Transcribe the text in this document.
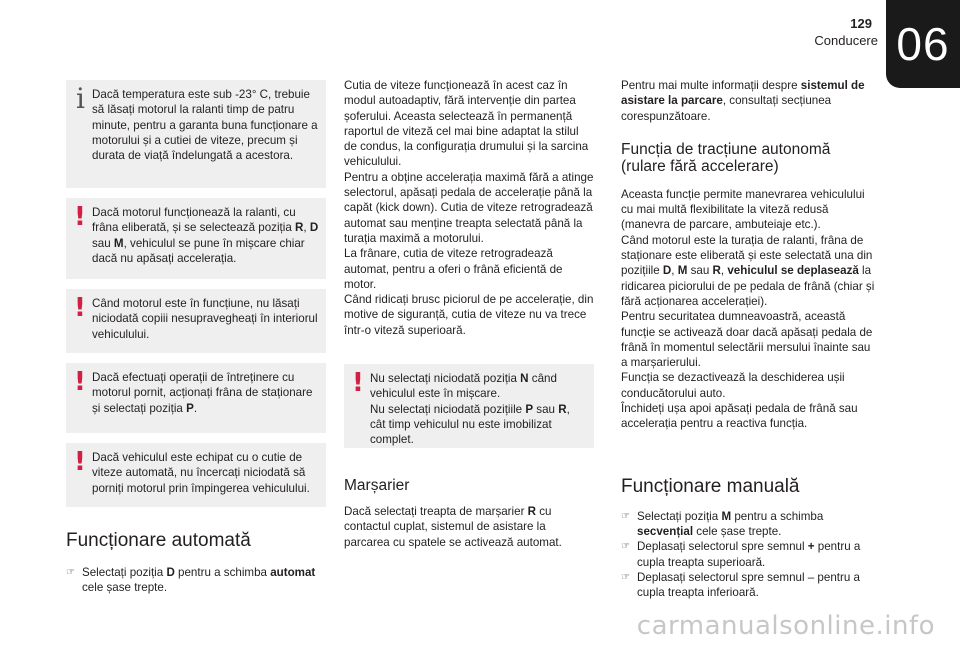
129
Conducere 06
i Dacă temperatura este sub -23° C, trebuie să lăsați motorul la ralanti timp de patru minute, pentru a garanta buna funcționare a motorului și a cutiei de viteze, precum și durata de viață îndelungată a acestora.
! Dacă motorul funcționează la ralanti, cu frâna eliberată, și se selectează poziția R, D sau M, vehiculul se pune în mișcare chiar dacă nu apăsați accelerația.
! Când motorul este în funcțiune, nu lăsați niciodată copiii nesupravegheați în interiorul vehiculului.
! Dacă efectuați operații de întreținere cu motorul pornit, acționați frâna de staționare și selectați poziția P.
! Dacă vehiculul este echipat cu o cutie de viteze automată, nu încercați niciodată să porniți motorul prin împingerea vehiculului.
Funcționare automată
☞ Selectați poziția D pentru a schimba automat cele șase trepte.

Cutia de viteze funcționează în acest caz în modul autoadaptiv, fără intervenție din partea șoferului. Aceasta selectează în permanență raportul de viteză cel mai bine adaptat la stilul de condus, la configurația drumului și la sarcina vehiculului.

Pentru a obține accelerația maximă fără a atinge selectorul, apăsați pedala de accelerație până la capăt (kick down). Cutia de viteze retrogradează automat sau menține treapta selectată până la turația maximă a motorului.

La frânare, cutia de viteze retrogradează automat, pentru a oferi o frână eficientă de motor.

Când ridicați brusc piciorul de pe accelerație, din motive de siguranță, cutia de viteze nu va trece într-o viteză superioară.

! Nu selectați niciodată poziția N când vehiculul este în mișcare.
Nu selectați niciodată pozițiile P sau R, cât timp vehiculul nu este imobilizat complet.
Marșarier

Dacă selectați treapta de marșarier R cu contactul cuplat, sistemul de asistare la parcarea cu spatele se activează automat.

Pentru mai multe informații despre sistemul de asistare la parcare, consultați secțiunea corespunzătoare.

Funcția de tracțiune autonomă (rulare fără accelerare)

Aceasta funcție permite manevrarea vehiculului cu mai multă flexibilitate la viteză redusă (manevra de parcare, ambuteiaje etc.).

Când motorul este la turația de ralanti, frâna de staționare este eliberată și este selectată una din pozițiile D, M sau R, vehiculul se deplasează la ridicarea piciorului de pe pedala de frână (chiar și fără acționarea accelerației).

Pentru securitatea dumneavoastră, această funcție se activează doar dacă apăsați pedala de frână în momentul selectării mersului înainte sau a marșarierului.

Funcția se dezactivează la deschiderea ușii conducătorului auto.

Închideți ușa apoi apăsați pedala de frână sau accelerația pentru a reactiva funcția.

Funcționare manuală
☞ Selectați poziția M pentru a schimba secvențial cele șase trepte.
☞ Deplasați selectorul spre semnul + pentru a cupla treapta superioară.
☞ Deplasați selectorul spre semnul – pentru a cupla treapta inferioară.
carmanualsonline.info
